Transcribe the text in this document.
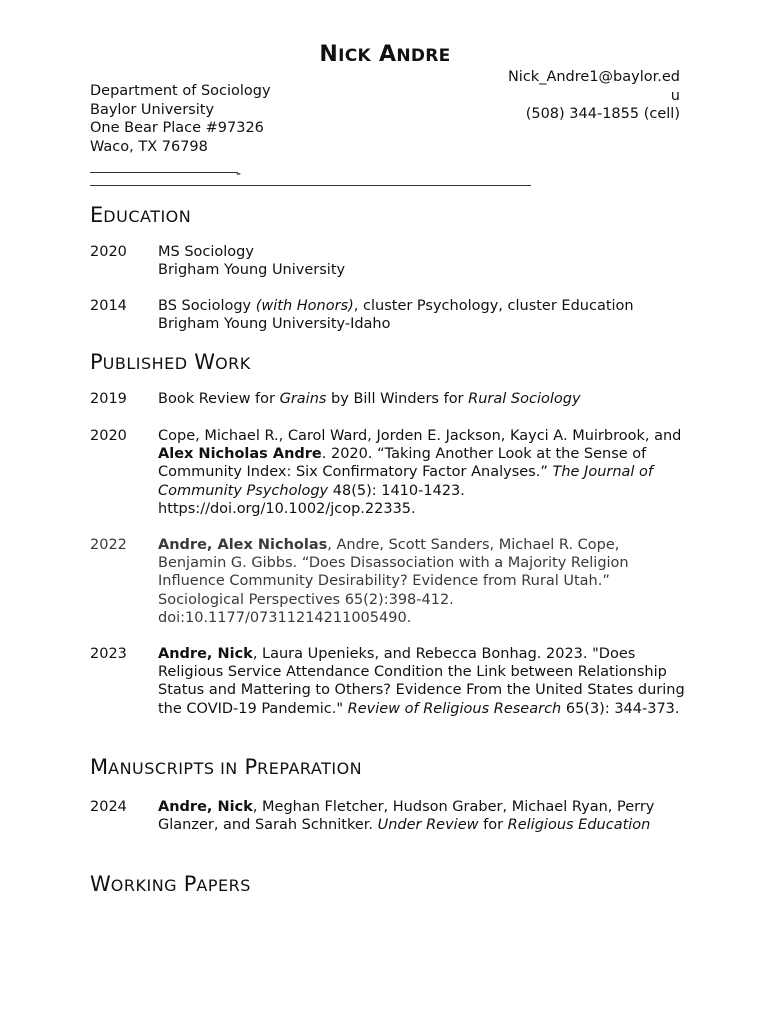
NICK ANDRE
Department of Sociology
Baylor University
One Bear Place #97326
Waco, TX 76798
Nick_Andre1@baylor.ed
u
(508) 344-1855 (cell)
-
EDUCATION
2020 MS Sociology
Brigham Young University
2014 BS Sociology (with Honors), cluster Psychology, cluster Education
Brigham Young University-Idaho
PUBLISHED WORK
2019 Book Review for Grains by Bill Winders for Rural Sociology
2020 Cope, Michael R., Carol Ward, Jorden E. Jackson, Kayci A. Muirbrook, and Alex Nicholas Andre. 2020. “Taking Another Look at the Sense of Community Index: Six Confirmatory Factor Analyses.” The Journal of Community Psychology 48(5): 1410-1423. https://doi.org/10.1002/jcop.22335.
2022 Andre, Alex Nicholas, Andre, Scott Sanders, Michael R. Cope, Benjamin G. Gibbs. “Does Disassociation with a Majority Religion Influence Community Desirability? Evidence from Rural Utah.” Sociological Perspectives 65(2):398-412. doi:10.1177/07311214211005490.
2023 Andre, Nick, Laura Upenieks, and Rebecca Bonhag. 2023. "Does Religious Service Attendance Condition the Link between Relationship Status and Mattering to Others? Evidence From the United States during the COVID-19 Pandemic." Review of Religious Research 65(3): 344-373.
MANUSCRIPTS IN PREPARATION
2024 Andre, Nick, Meghan Fletcher, Hudson Graber, Michael Ryan, Perry Glanzer, and Sarah Schnitker. Under Review for Religious Education
WORKING PAPERS
